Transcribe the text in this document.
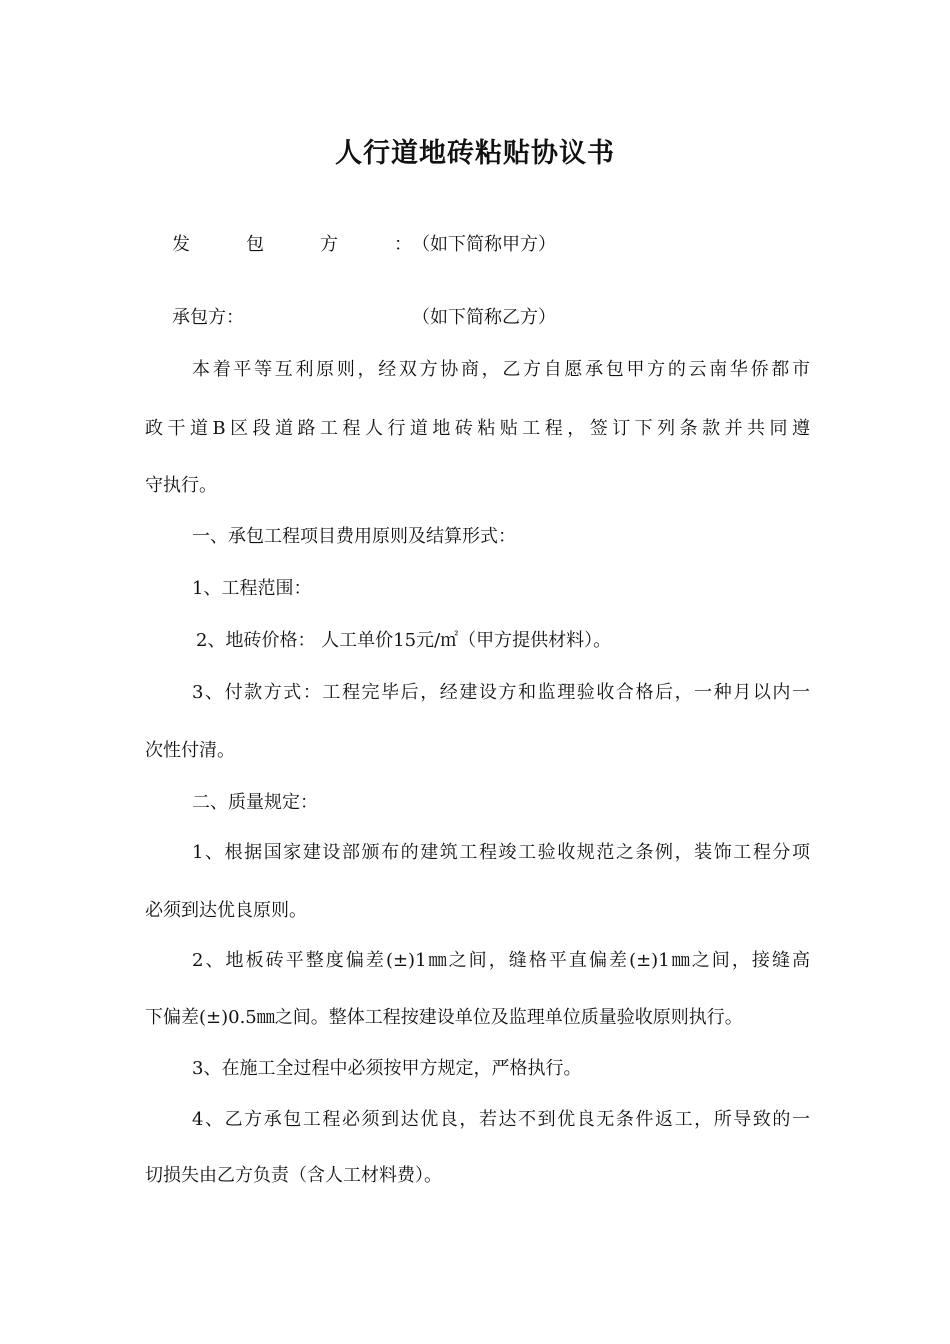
人行道地砖粘贴协议书
发	包	方	： （如下简称甲方）
承包方：	（如下简称乙方）
本着平等互利原则，经双方协商，乙方自愿承包甲方的云南华侨都市
政干道B区段道路工程人行道地砖粘贴工程，签订下列条款并共同遵
守执行。
一、承包工程项目费用原则及结算形式：
1、工程范围：
2、地砖价格： 人工单价15元/㎡（甲方提供材料）。
3、付款方式：工程完毕后，经建设方和监理验收合格后，一种月以内一
次性付清。
二、质量规定：
1、根据国家建设部颁布的建筑工程竣工验收规范之条例，装饰工程分项
必须到达优良原则。
2、地板砖平整度偏差(±)1㎜之间，缝格平直偏差(±)1㎜之间，接缝高
下偏差(±)0.5㎜之间。整体工程按建设单位及监理单位质量验收原则执行。
3、在施工全过程中必须按甲方规定，严格执行。
4、乙方承包工程必须到达优良，若达不到优良无条件返工，所导致的一
切损失由乙方负责（含人工材料费）。
